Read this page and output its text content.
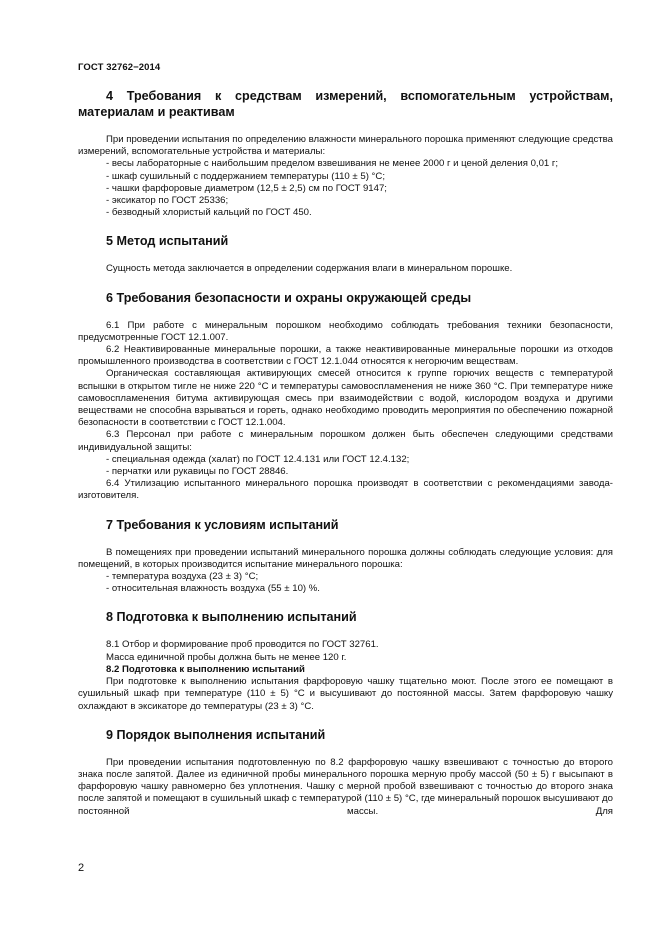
ГОСТ 32762−2014
4 Требования к средствам измерений, вспомогательным устройствам, материалам и реактивам

При проведении испытания по определению влажности минерального порошка применяют следующие средства измерений, вспомогательные устройства и материалы:

- весы лабораторные с наибольшим пределом взвешивания не менее 2000 г и ценой деления 0,01 г;

- шкаф сушильный с поддержанием температуры (110 ± 5) °С;

- чашки фарфоровые диаметром (12,5 ± 2,5) см по ГОСТ 9147;

- эксикатор по ГОСТ 25336;

- безводный хлористый кальций по ГОСТ 450.

5 Метод испытаний

Сущность метода заключается в определении содержания влаги в минеральном порошке.

6 Требования безопасности и охраны окружающей среды

6.1 При работе с минеральным порошком необходимо соблюдать требования техники безопасности, предусмотренные ГОСТ 12.1.007.

6.2 Неактивированные минеральные порошки, а также неактивированные минеральные порошки из отходов промышленного производства в соответствии с ГОСТ 12.1.044 относятся к негорючим веществам.

Органическая составляющая активирующих смесей относится к группе горючих веществ с температурой вспышки в открытом тигле не ниже 220 °С и температуры самовоспламенения не ниже 360 °С. При температуре ниже самовоспламенения битума активирующая смесь при взаимодействии с водой, кислородом воздуха и другими веществами не способна взрываться и гореть, однако необходимо проводить мероприятия по обеспечению пожарной безопасности в соответствии с ГОСТ 12.1.004.

6.3 Персонал при работе с минеральным порошком должен быть обеспечен следующими средствами индивидуальной защиты:

- специальная одежда (халат) по ГОСТ 12.4.131 или ГОСТ 12.4.132;

- перчатки или рукавицы по ГОСТ 28846.

6.4 Утилизацию испытанного минерального порошка производят в соответствии с рекомендациями завода-изготовителя.

7 Требования к условиям испытаний

В помещениях при проведении испытаний минерального порошка должны соблюдать следующие условия: для помещений, в которых производится испытание минерального порошка:

- температура воздуха (23 ± 3) °С;

- относительная влажность воздуха (55 ± 10) %.

8 Подготовка к выполнению испытаний

8.1 Отбор и формирование проб проводится по ГОСТ 32761.

Масса единичной пробы должна быть не менее 120 г.

8.2 Подготовка к выполнению испытаний

При подготовке к выполнению испытания фарфоровую чашку тщательно моют. После этого ее помещают в сушильный шкаф при температуре (110 ± 5) °С и высушивают до постоянной массы. Затем фарфоровую чашку охлаждают в эксикаторе до температуры (23 ± 3) °С.

9 Порядок выполнения испытаний

При проведении испытания подготовленную по 8.2 фарфоровую чашку взвешивают с точностью до второго знака после запятой. Далее из единичной пробы минерального порошка мерную пробу массой (50 ± 5) г высыпают в фарфоровую чашку равномерно без уплотнения. Чашку с мерной пробой взвешивают с точностью до второго знака после запятой и помещают в сушильный шкаф с температурой (110 ± 5) °С, где минеральный порошок высушивают до постоянной массы. Для

2
